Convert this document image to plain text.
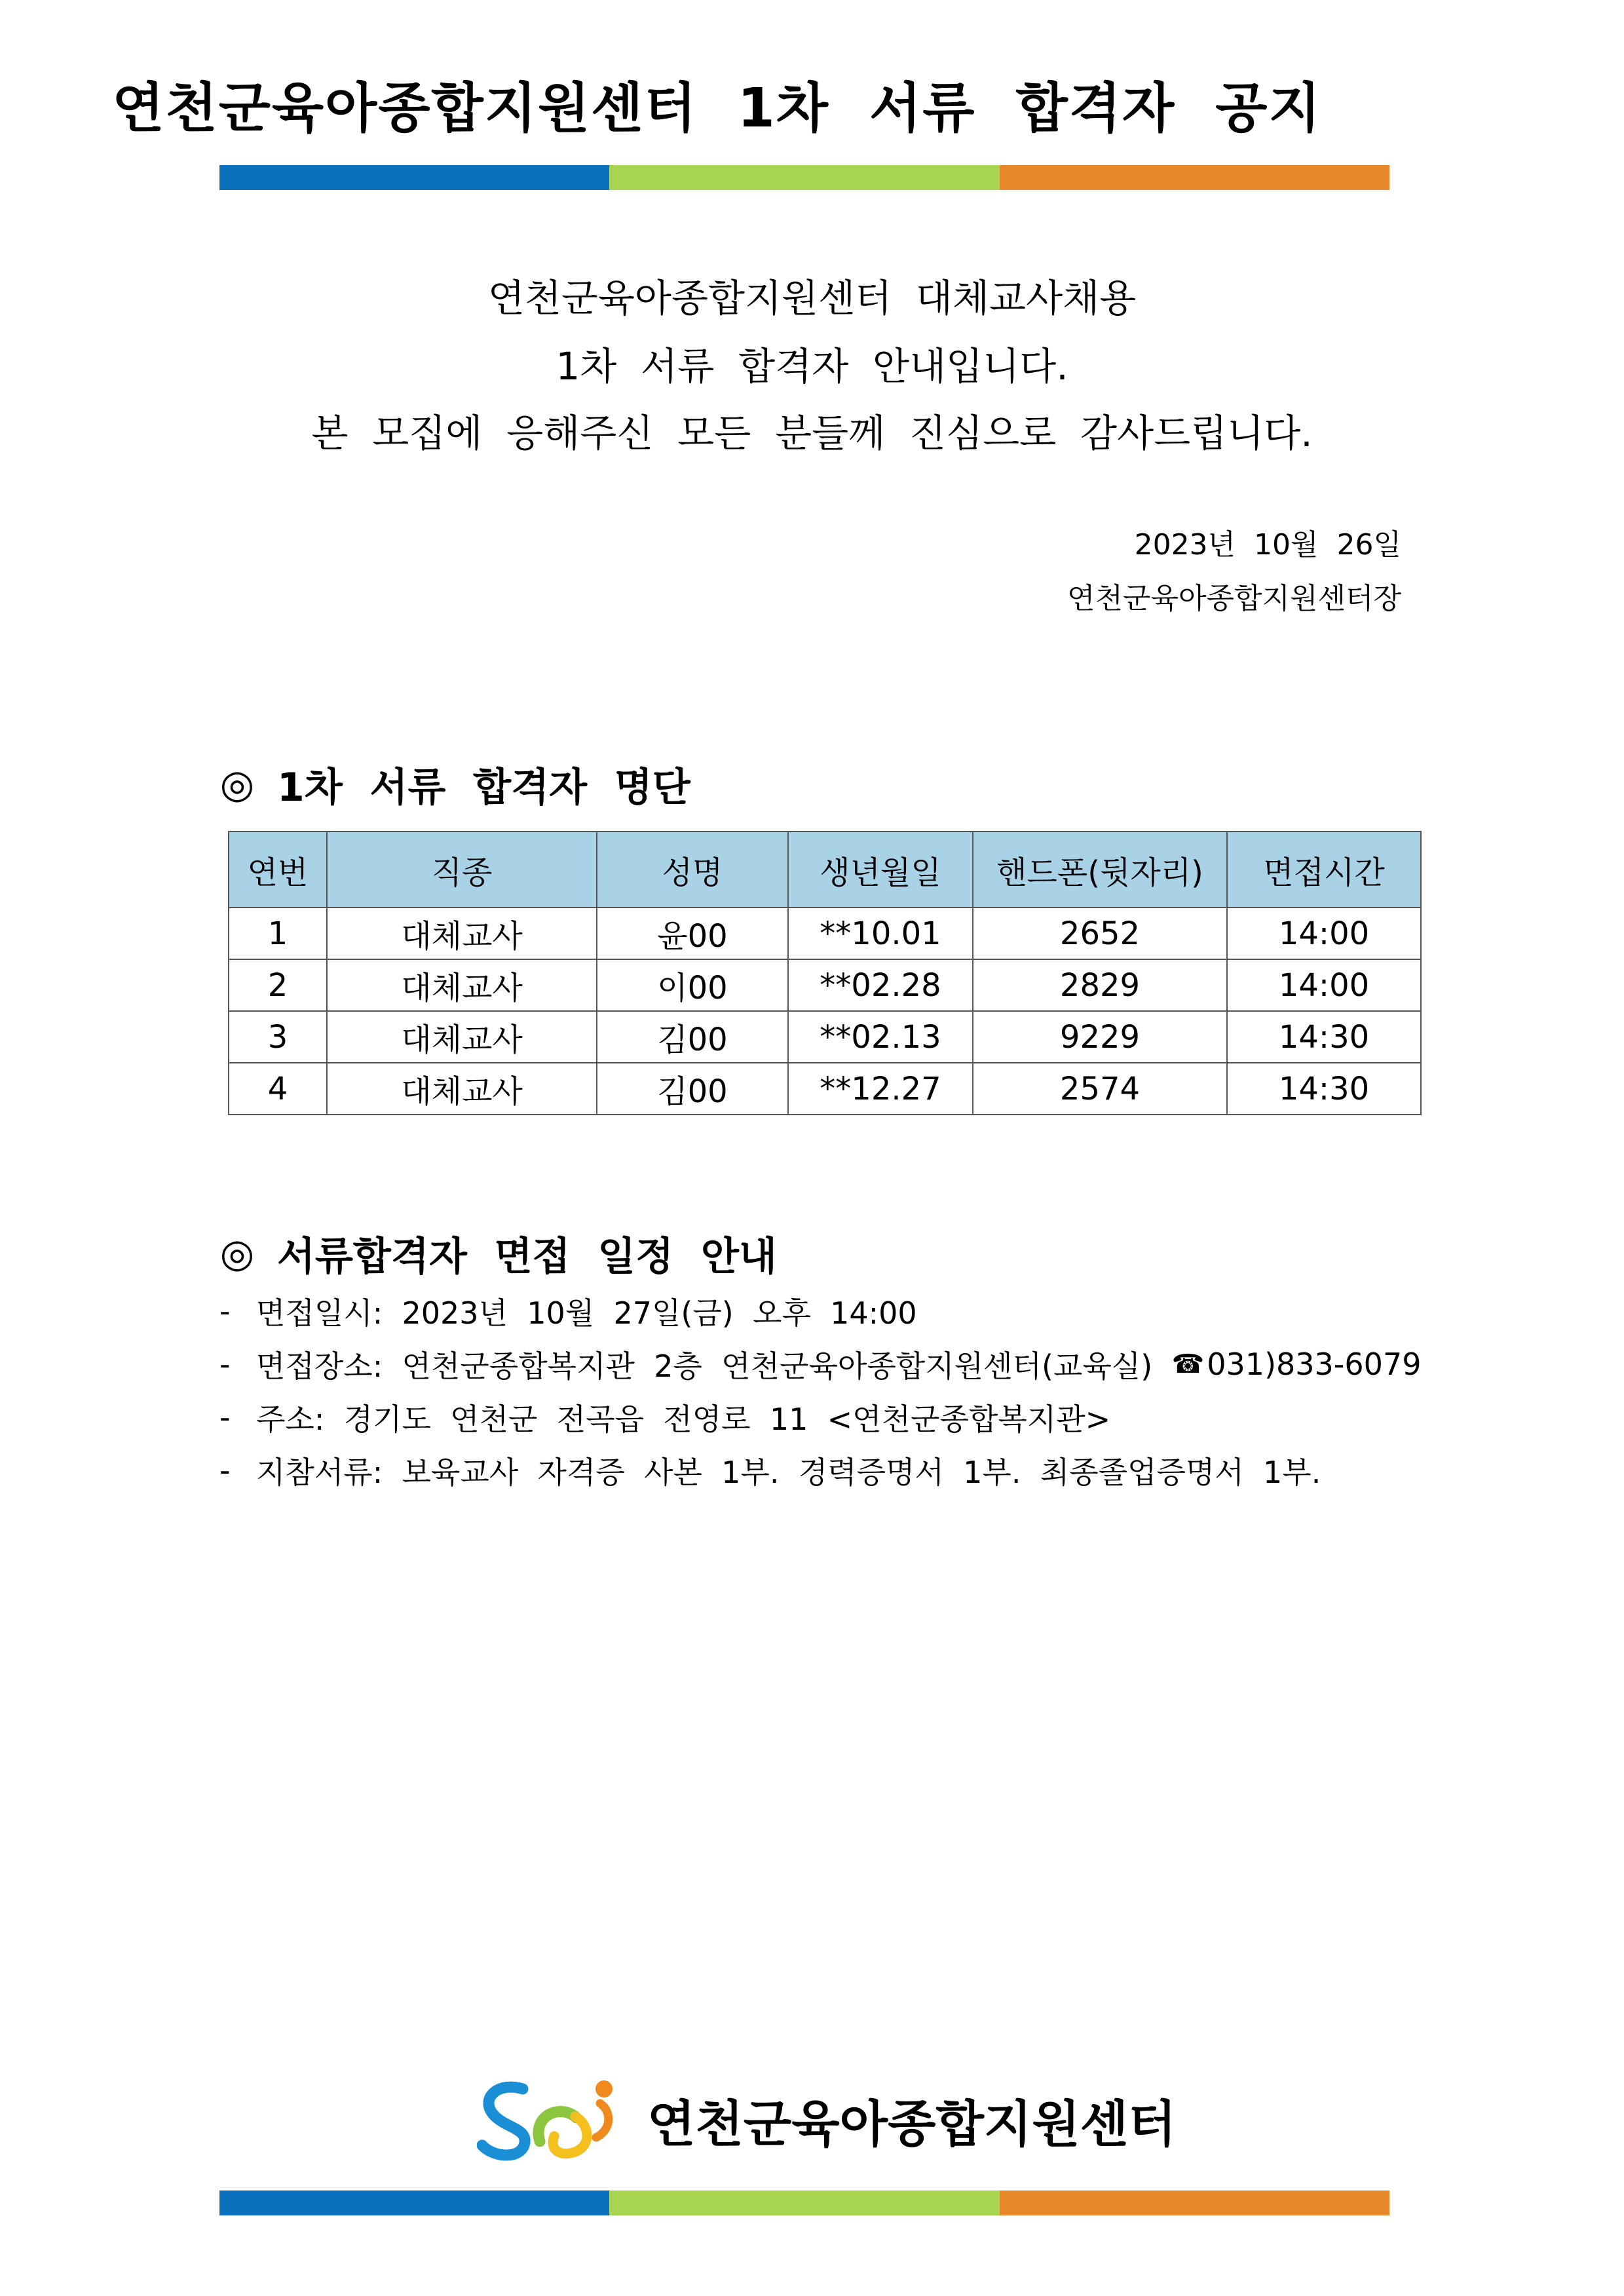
연천군육아종합지원센터  1차  서류  합격자  공지
연천군육아종합지원센터  대체교사채용
1차  서류  합격자  안내입니다.
본  모집에  응해주신  모든  분들께  진심으로  감사드립니다.
2023년  10월  26일
연천군육아종합지원센터장
◎ 1차  서류  합격자  명단
연번	직종	성명	생년월일	핸드폰(뒷자리)	면접시간
1	대체교사	윤00	**10.01	2652	14:00
2	대체교사	이00	**02.28	2829	14:00
3	대체교사	김00	**02.13	9229	14:30
4	대체교사	김00	**12.27	2574	14:30
◎ 서류합격자  면접  일정  안내
- 면접일시:
2023년  10월  27일(금)  오후  14:00
- 면접장소:
연천군종합복지관  2층  연천군육아종합지원센터(교육실)
☎ 031)833-6079
- 주소:
경기도  연천군  전곡읍  전영로  11  <연천군종합복지관>
- 지참서류:
보육교사  자격증  사본  1부.  경력증명서  1부.  최종졸업증명서  1부.
연천군육아종합지원센터
